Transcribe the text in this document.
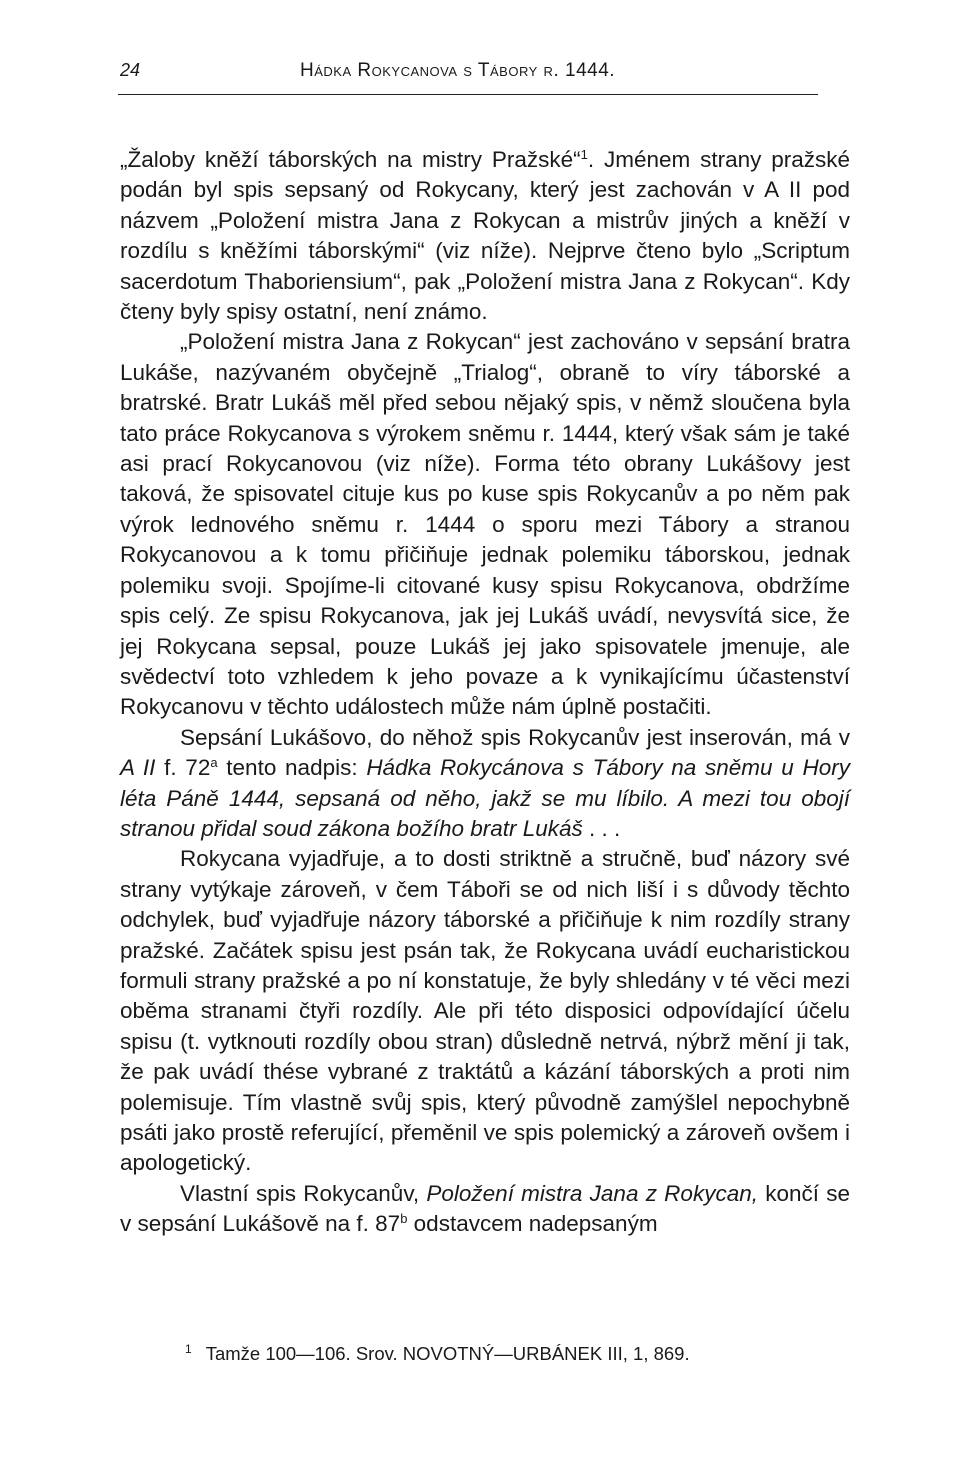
24	Hádka Rokycanova s Tábory r. 1444.

„Žaloby kněží táborských na mistry Pražské“$^1$. Jménem strany pražské podán byl spis sepsaný od Rokycany, který jest zachován v A II pod názvem „Položení mistra Jana z Rokycan a mistrův jiných a kněží v rozdílu s kněžími táborskými“ (viz níže). Nejprve čteno bylo „Scriptum sacerdotum Thaboriensium“, pak „Položení mistra Jana z Rokycan“. Kdy čteny byly spisy ostatní, není známo.

„Položení mistra Jana z Rokycan“ jest zachováno v sepsání bratra Lukáše, nazývaném obyčejně „Trialog“, obraně to víry táborské a bratrské. Bratr Lukáš měl před sebou nějaký spis, v němž sloučena byla tato práce Rokycanova s výrokem sněmu r. 1444, který však sám je také asi prací Rokycanovou (viz níže). Forma této obrany Lukášovy jest taková, že spisovatel cituje kus po kuse spis Rokycanův a po něm pak výrok lednového sněmu r. 1444 o sporu mezi Tábory a stranou Rokycanovou a k tomu přičiňuje jednak polemiku táborskou, jednak polemiku svoji. Spojíme-li citované kusy spisu Rokycanova, obdržíme spis celý. Ze spisu Rokycanova, jak jej Lukáš uvádí, nevysvítá sice, že jej Rokycana sepsal, pouze Lukáš jej jako spisovatele jmenuje, ale svědectví toto vzhledem k jeho povaze a k vynikajícímu účastenství Rokycanovu v těchto událostech může nám úplně postačiti.

Sepsání Lukášovo, do něhož spis Rokycanův jest inserován, má v A II f. 72$^a$ tento nadpis: Hádka Rokycánova s Tábory na sněmu u Hory léta Páně 1444, sepsaná od něho, jakž se mu líbilo. A mezi tou obojí stranou přidal soud zákona božího bratr Lukáš . . .

Rokycana vyjadřuje, a to dosti striktně a stručně, buď názory své strany vytýkaje zároveň, v čem Táboři se od nich liší i s důvody těchto odchylek, buď vyjadřuje názory táborské a přičiňuje k nim rozdíly strany pražské. Začátek spisu jest psán tak, že Rokycana uvádí eucharistickou formuli strany pražské a po ní konstatuje, že byly shledány v té věci mezi oběma stranami čtyři rozdíly. Ale při této disposici odpovídající účelu spisu (t. vytknouti rozdíly obou stran) důsledně netrvá, nýbrž mění ji tak, že pak uvádí thése vybrané z traktátů a kázání táborských a proti nim polemisuje. Tím vlastně svůj spis, který původně zamýšlel nepochybně psáti jako prostě referující, přeměnil ve spis polemický a zároveň ovšem i apologetický.

Vlastní spis Rokycanův, Položení mistra Jana z Rokycan, končí se v sepsání Lukášově na f. 87$^b$ odstavcem nadepsaným

$^1$ Tamže 100—106. Srov. NOVOTNÝ—URBÁNEK III, 1, 869.
